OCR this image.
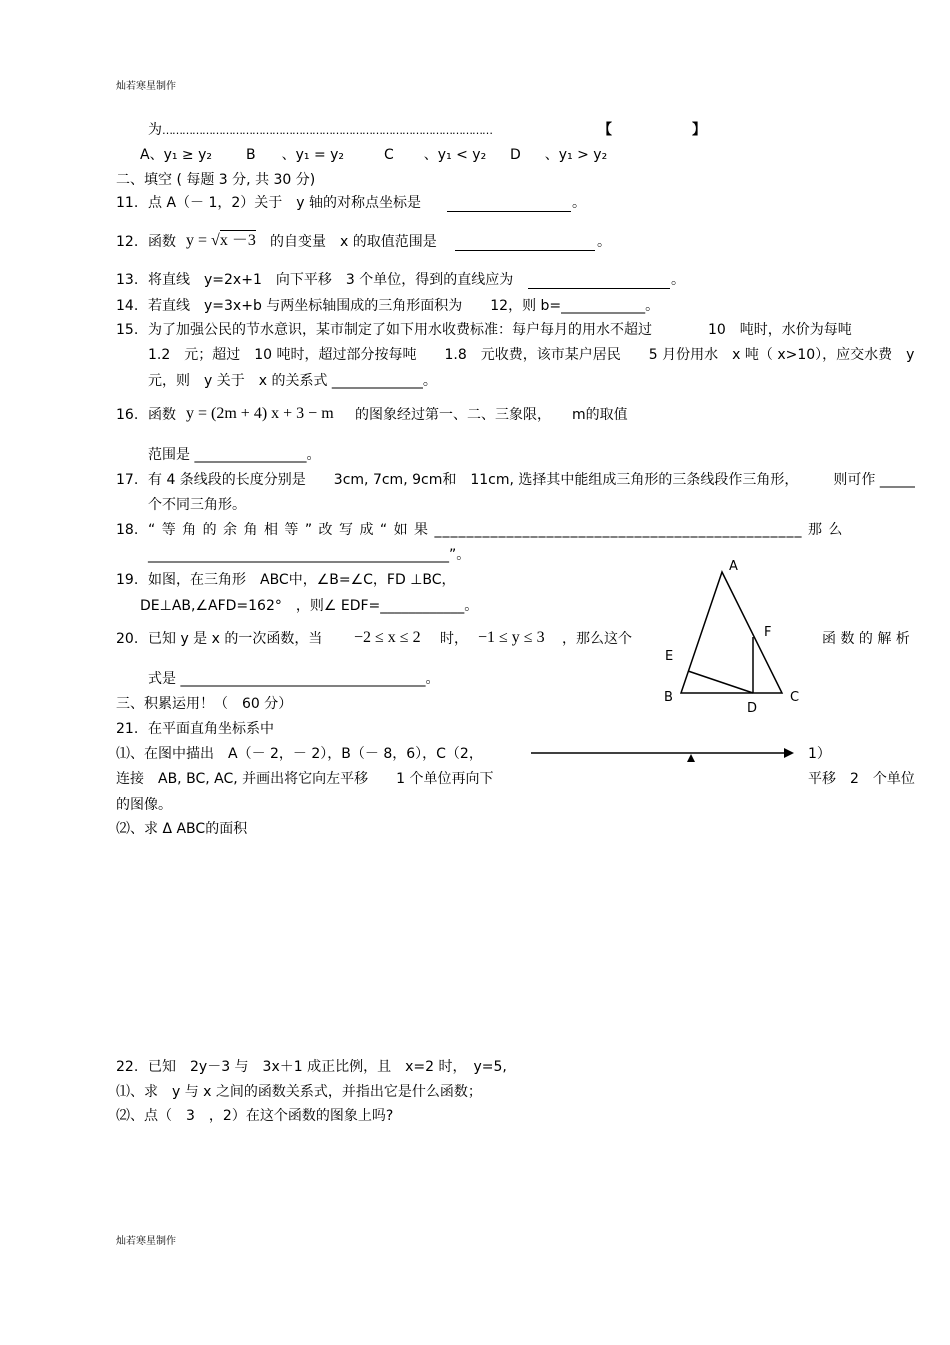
灿若寒星制作
为………………………………………………………………………………………	【	】
A、y₁ ≥ y₂ B 、y₁ = y₂	C 、y₁ < y₂ D 、y₁ > y₂
二、填空 ( 每题 3 分, 共 30 分)
11. 点 A（－ 1，2）关于　y 轴的对称点坐标是	。
12. 函数 y = √x －3 的自变量　x 的取值范围是	。
13. 将直线　y=2x+1　向下平移　3 个单位，得到的直线应为	。
14. 若直线　y=3x+b 与两坐标轴围成的三角形面积为　　12，则 b=____________。
15. 为了加强公民的节水意识，某市制定了如下用水收费标准：每户每月的用水不超过　　　　10　吨时，水价为每吨
1.2　元；超过　10 吨时，超过部分按每吨　　1.8　元收费，该市某户居民　　5 月份用水　x 吨（ x>10），应交水费　y
元，则　y 关于　x 的关系式 _____________。
16. 函数 y = (2m + 4) x + 3 − m 的图象经过第一、二、三象限，　　m的取值
范围是 ________________。
17. 有 4 条线段的长度分别是　　3cm, 7cm, 9cm和　11cm, 选择其中能组成三角形的三条线段作三角形，　　　则可作 _____
个不同三角形。
18. “ 等 角 的 余 角 相 等 ” 改 写 成 “ 如 果 ______________________________________________ 那 么
___________________________________________”。
19. 如图，在三角形　ABC中，∠B=∠C，FD ⊥BC，
DE⊥AB,∠AFD=162°　，则∠ EDF=____________。
20. 已知 y 是 x 的一次函数，当 −2 ≤ x ≤ 2 时， −1 ≤ y ≤ 3 ，那么这个	函 数 的 解 析
式是 ___________________________________。
三、积累运用！（　60 分）
21. 在平面直角坐标系中
⑴、在图中描出　A（－ 2，－ 2），B（－ 8，6），C（2，	1）
连接　AB, BC, AC, 并画出将它向左平移　　1 个单位再向下	平移　2　个单位
的图像。
⑵、求 Δ ABC的面积
22. 已知　2y－3 与　3x＋1 成正比例，且　x=2 时，　y=5,
⑴、求　y 与 x 之间的函数关系式，并指出它是什么函数；
⑵、点（　3　，2）在这个函数的图象上吗?
A
B	C
D
E
F
灿若寒星制作
